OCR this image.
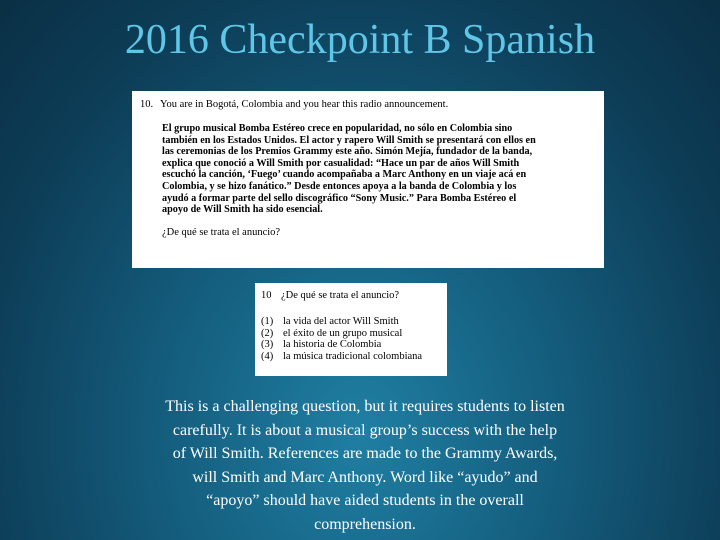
2016 Checkpoint B Spanish
10. You are in Bogotá, Colombia and you hear this radio announcement.

El grupo musical Bomba Estéreo crece en popularidad, no sólo en Colombia sino

también en los Estados Unidos. El actor y rapero Will Smith se presentará con ellos en

las ceremonias de los Premios Grammy este año. Simón Mejía, fundador de la banda,

explica que conoció a Will Smith por casualidad: “Hace un par de años Will Smith

escuchó la canción, ‘Fuego’ cuando acompañaba a Marc Anthony en un viaje acá en

Colombia, y se hizo fanático.” Desde entonces apoya a la banda de Colombia y los

ayudó a formar parte del sello discográfico “Sony Music.” Para Bomba Estéreo el

apoyo de Will Smith ha sido esencial.

¿De qué se trata el anuncio?
10 ¿De qué se trata el anuncio?
(1) la vida del actor Will Smith
(2) el éxito de un grupo musical
(3) la historia de Colombia
(4) la música tradicional colombiana
This is a challenging question, but it requires students to listen
carefully. It is about a musical group’s success with the help
of Will Smith. References are made to the Grammy Awards,
will Smith and Marc Anthony. Word like “ayudo” and
“apoyo” should have aided students in the overall
comprehension.
